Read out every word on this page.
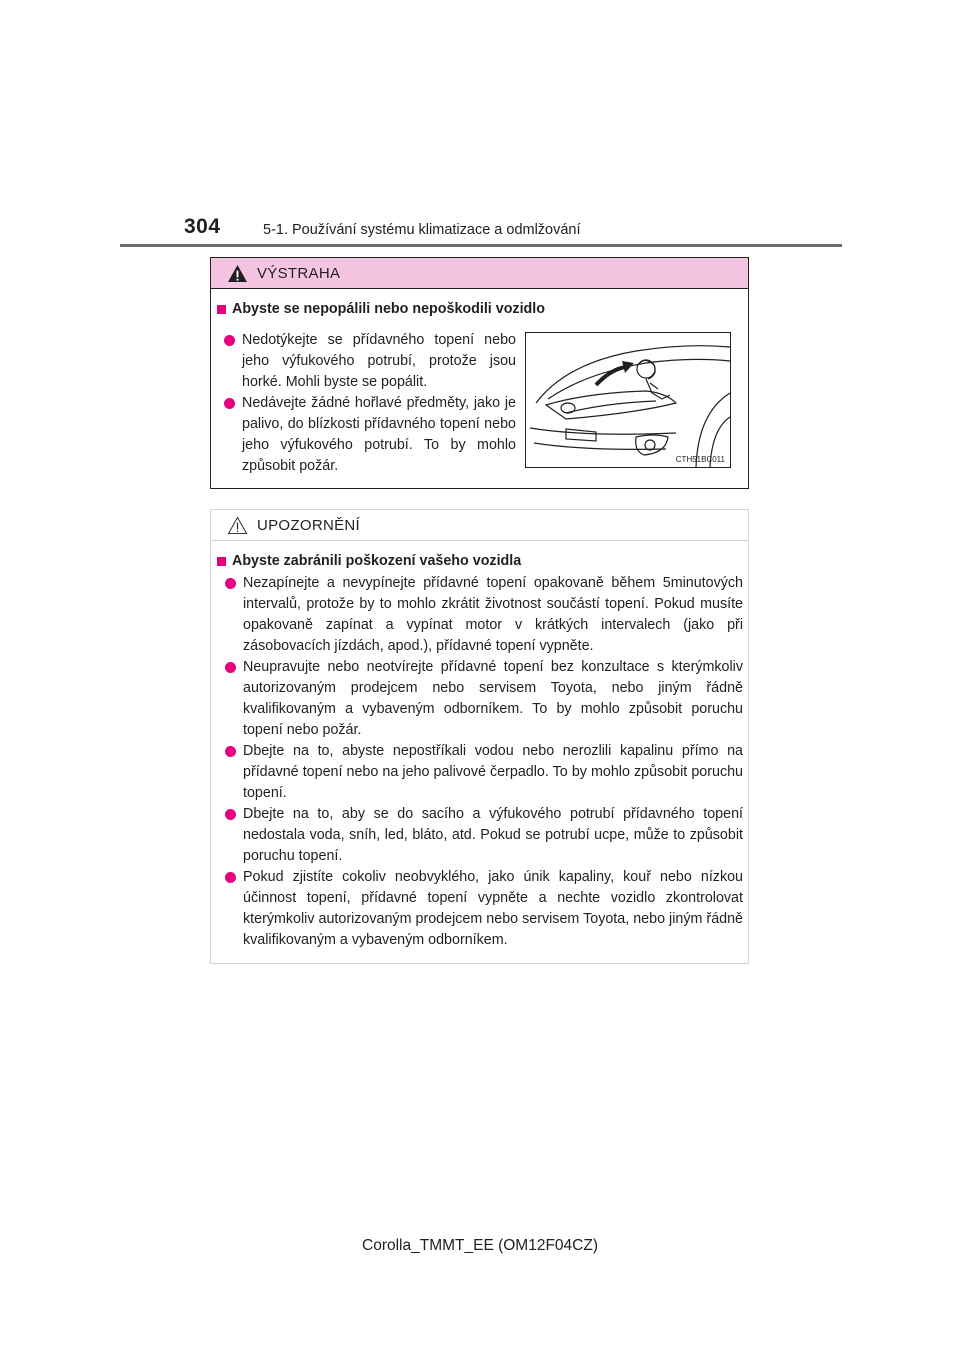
304	5-1. Používání systému klimatizace a odmlžování
VÝSTRAHA
Abyste se nepopálili nebo nepoškodili vozidlo
Nedotýkejte se přídavného topení nebo jeho výfukového potrubí, protože jsou horké. Mohli byste se popálit.
Nedávejte žádné hořlavé předměty, jako je palivo, do blízkosti přídavného topení nebo jeho výfukového potrubí. To by mohlo způsobit požár.	CTH51BC011
UPOZORNĚNÍ
Abyste zabránili poškození vašeho vozidla
Nezapínejte a nevypínejte přídavné topení opakovaně během 5minutových intervalů, protože by to mohlo zkrátit životnost součástí topení. Pokud musíte opakovaně zapínat a vypínat motor v krátkých intervalech (jako při zásobovacích jízdách, apod.), přídavné topení vypněte.
Neupravujte nebo neotvírejte přídavné topení bez konzultace s kterýmkoliv autorizovaným prodejcem nebo servisem Toyota, nebo jiným řádně kvalifikovaným a vybaveným odborníkem. To by mohlo způsobit poruchu topení nebo požár.
Dbejte na to, abyste nepostříkali vodou nebo nerozlili kapalinu přímo na přídavné topení nebo na jeho palivové čerpadlo. To by mohlo způsobit poruchu topení.
Dbejte na to, aby se do sacího a výfukového potrubí přídavného topení nedostala voda, sníh, led, bláto, atd. Pokud se potrubí ucpe, může to způsobit poruchu topení.
Pokud zjistíte cokoliv neobvyklého, jako únik kapaliny, kouř nebo nízkou účinnost topení, přídavné topení vypněte a nechte vozidlo zkontrolovat kterýmkoliv autorizovaným prodejcem nebo servisem Toyota, nebo jiným řádně kvalifikovaným a vybaveným odborníkem.
Corolla_TMMT_EE (OM12F04CZ)
